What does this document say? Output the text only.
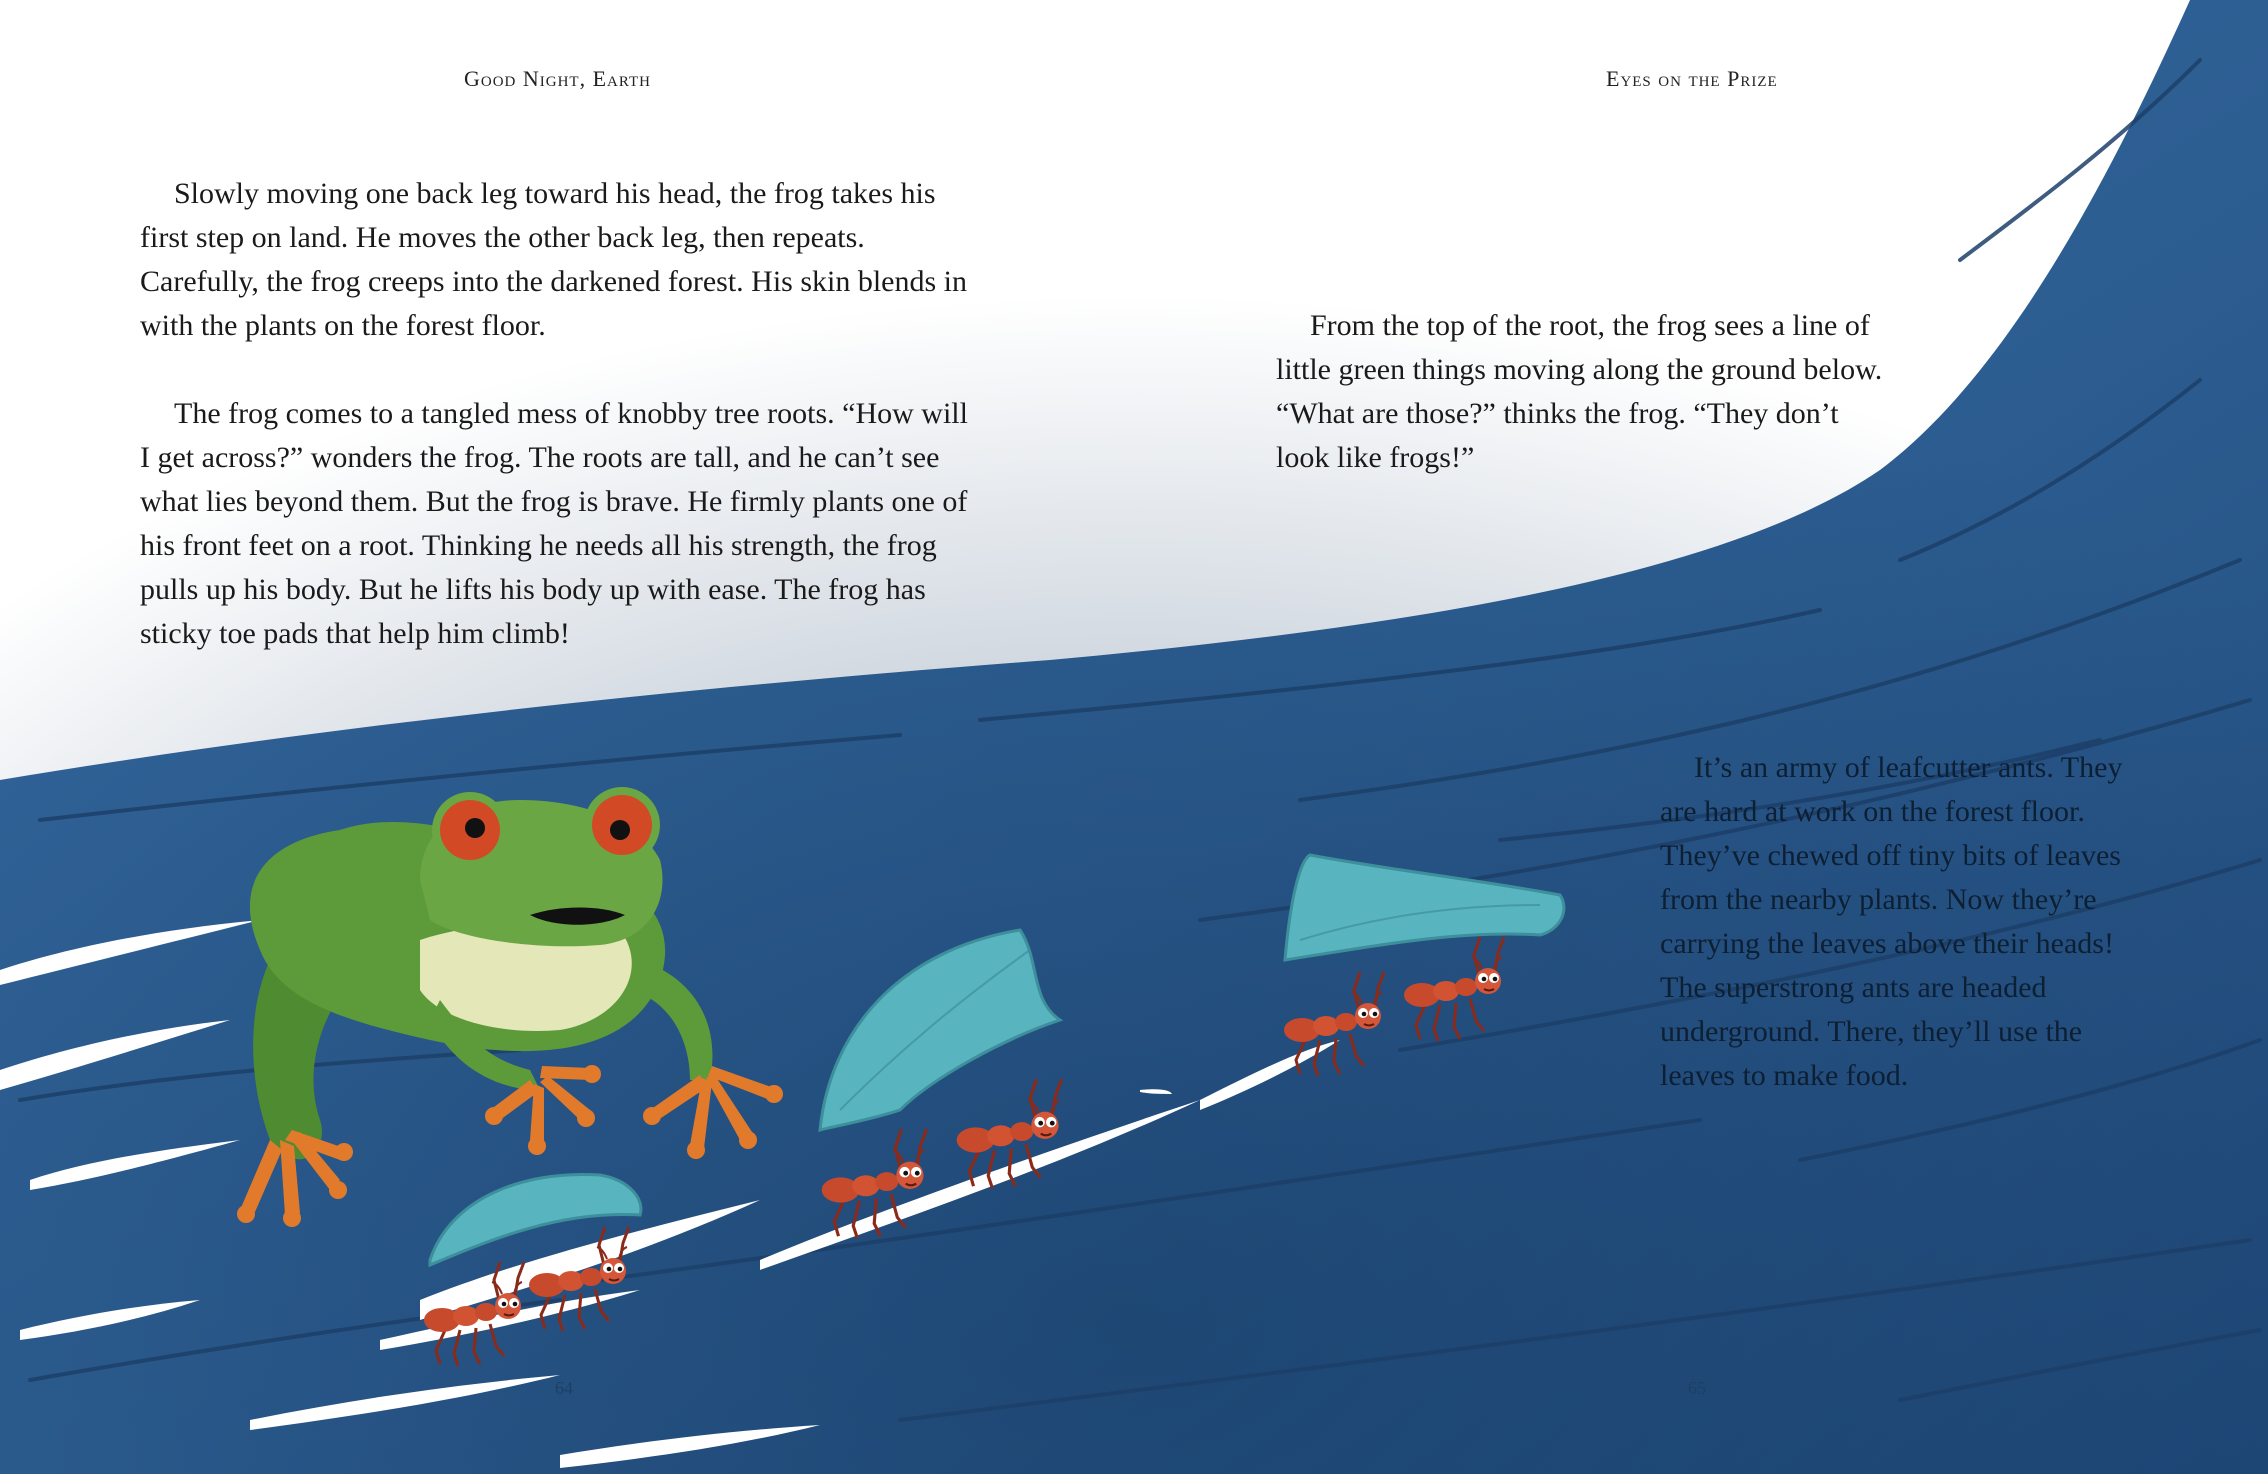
Good Night, Earth

Slowly moving one back leg toward his head, the frog takes his first step on land. He moves the other back leg, then repeats. Carefully, the frog creeps into the darkened forest. His skin blends in with the plants on the forest floor.

The frog comes to a tangled mess of knobby tree roots. “How will I get across?” wonders the frog. The roots are tall, and he can’t see what lies beyond them. But the frog is brave. He firmly plants one of his front feet on a root. Thinking he needs all his strength, the frog pulls up his body. But he lifts his body up with ease. The frog has sticky toe pads that help him climb!

64
Eyes on the Prize

From the top of the root, the frog sees a line of little green things moving along the ground below. “What are those?” thinks the frog. “They don’t look like frogs!”

It’s an army of leafcutter ants. They are hard at work on the forest floor. They’ve chewed off tiny bits of leaves from the nearby plants. Now they’re carrying the leaves above their heads! The superstrong ants are headed underground. There, they’ll use the leaves to make food.

65
